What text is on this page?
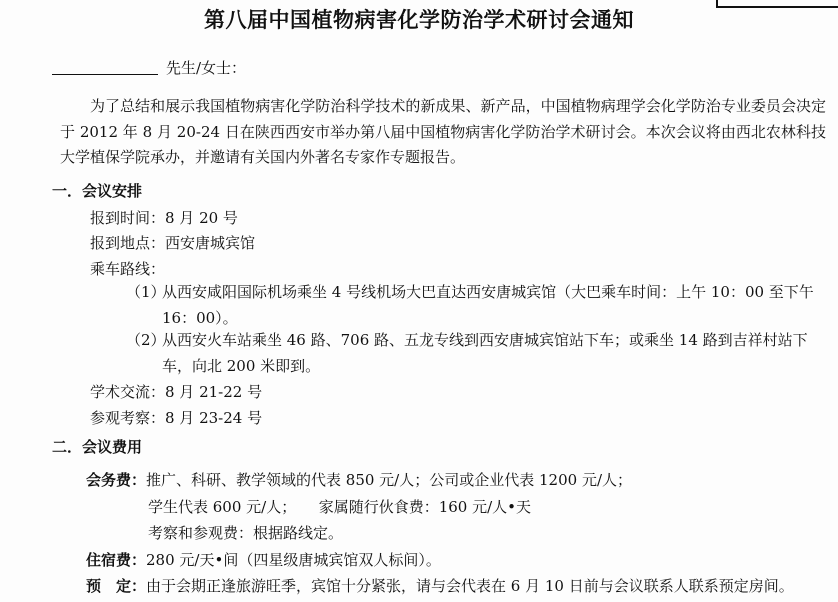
第八届中国植物病害化学防治学术研讨会通知
先生/女士：
为了总结和展示我国植物病害化学防治科学技术的新成果、新产品，中国植物病理学会化学防治专业委员会决定于 2012 年 8 月 20-24 日在陕西西安市举办第八届中国植物病害化学防治学术研讨会。本次会议将由西北农林科技大学植保学院承办，并邀请有关国内外著名专家作专题报告。
一．会议安排
报到时间：8 月 20 号
报到地点：西安唐城宾馆
乘车路线：
（1）
从西安咸阳国际机场乘坐 4 号线机场大巴直达西安唐城宾馆（大巴乘车时间：上午 10：00 至下午 16：00）。
（2）
从西安火车站乘坐 46 路、706 路、五龙专线到西安唐城宾馆站下车；或乘坐 14 路到吉祥村站下车，向北 200 米即到。
学术交流：8 月 21-22 号
参观考察：8 月 23-24 号
二．会议费用
会务费：推广、科研、教学领域的代表 850 元/人；公司或企业代表 1200 元/人；
学生代表 600 元/人；　　家属随行伙食费：160 元/人•天
考察和参观费：根据路线定。
住宿费：280 元/天•间（四星级唐城宾馆双人标间）。
预　定：由于会期正逢旅游旺季，宾馆十分紧张，请与会代表在 6 月 10 日前与会议联系人联系预定房间。
